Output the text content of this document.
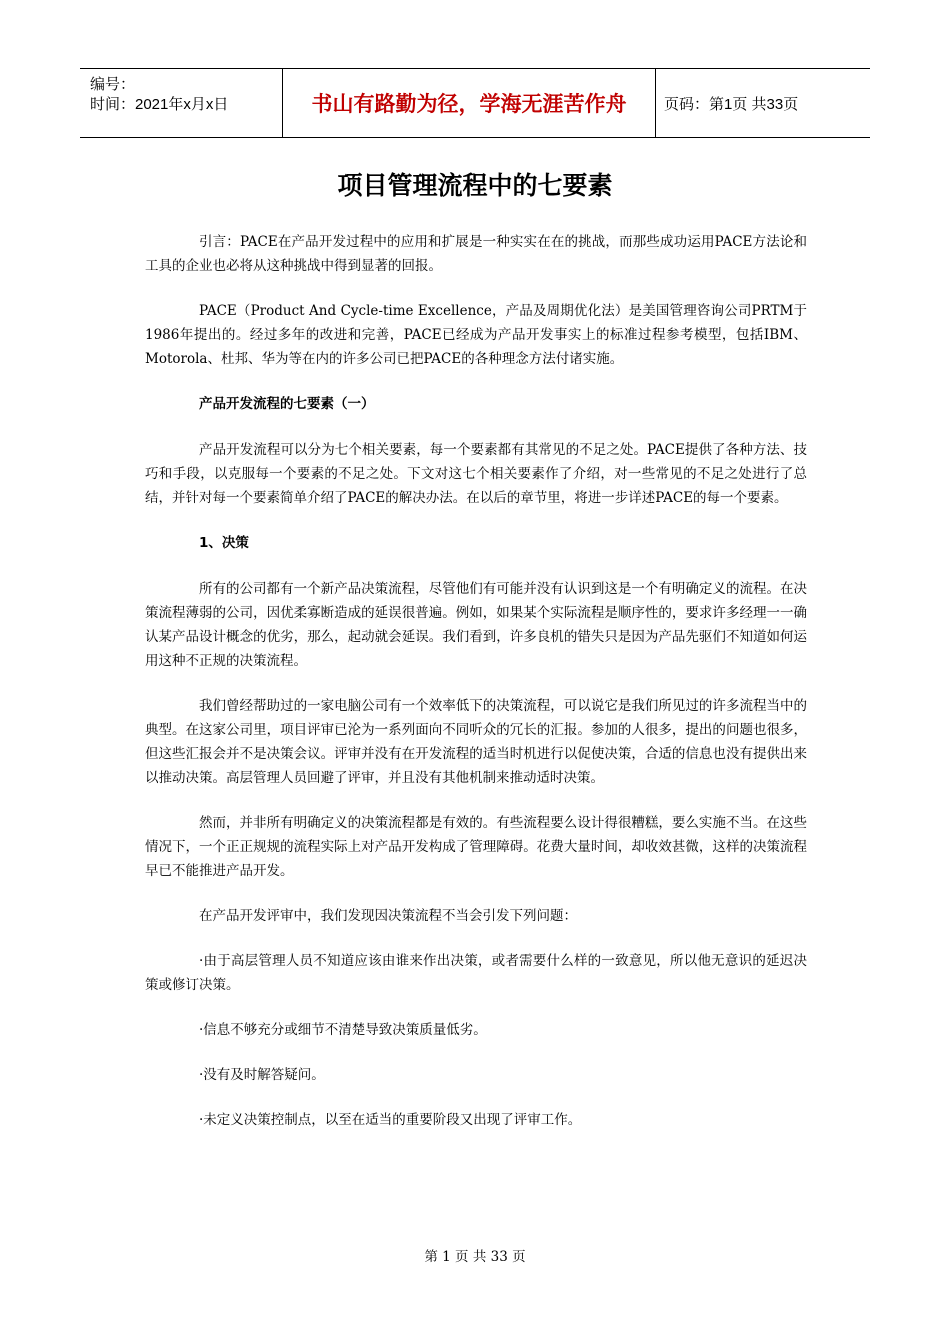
编号：
时间：2021年x月x日	书山有路勤为径，学海无涯苦作舟	页码：第1页 共33页
项目管理流程中的七要素

引言：PACE在产品开发过程中的应用和扩展是一种实实在在的挑战，而那些成功运用PACE方法论和工具的企业也必将从这种挑战中得到显著的回报。

PACE（Product And Cycle-time Excellence，产品及周期优化法）是美国管理咨询公司PRTM于1986年提出的。经过多年的改进和完善，PACE已经成为产品开发事实上的标准过程参考模型，包括IBM、Motorola、杜邦、华为等在内的许多公司已把PACE的各种理念方法付诸实施。

产品开发流程的七要素（一）

产品开发流程可以分为七个相关要素，每一个要素都有其常见的不足之处。PACE提供了各种方法、技巧和手段，以克服每一个要素的不足之处。下文对这七个相关要素作了介绍，对一些常见的不足之处进行了总结，并针对每一个要素简单介绍了PACE的解决办法。在以后的章节里，将进一步详述PACE的每一个要素。

1、决策

所有的公司都有一个新产品决策流程，尽管他们有可能并没有认识到这是一个有明确定义的流程。在决策流程薄弱的公司，因优柔寡断造成的延误很普遍。例如，如果某个实际流程是顺序性的，要求许多经理一一确认某产品设计概念的优劣，那么，起动就会延误。我们看到，许多良机的错失只是因为产品先驱们不知道如何运用这种不正规的决策流程。

我们曾经帮助过的一家电脑公司有一个效率低下的决策流程，可以说它是我们所见过的许多流程当中的典型。在这家公司里，项目评审已沦为一系列面向不同听众的冗长的汇报。参加的人很多，提出的问题也很多，但这些汇报会并不是决策会议。评审并没有在开发流程的适当时机进行以促使决策，合适的信息也没有提供出来以推动决策。高层管理人员回避了评审，并且没有其他机制来推动适时决策。

然而，并非所有明确定义的决策流程都是有效的。有些流程要么设计得很糟糕，要么实施不当。在这些情况下，一个正正规规的流程实际上对产品开发构成了管理障碍。花费大量时间，却收效甚微，这样的决策流程早已不能推进产品开发。

在产品开发评审中，我们发现因决策流程不当会引发下列问题：

·由于高层管理人员不知道应该由谁来作出决策，或者需要什么样的一致意见，所以他无意识的延迟决策或修订决策。

·信息不够充分或细节不清楚导致决策质量低劣。

·没有及时解答疑问。

·未定义决策控制点，以至在适当的重要阶段又出现了评审工作。

第 1 页 共 33 页
